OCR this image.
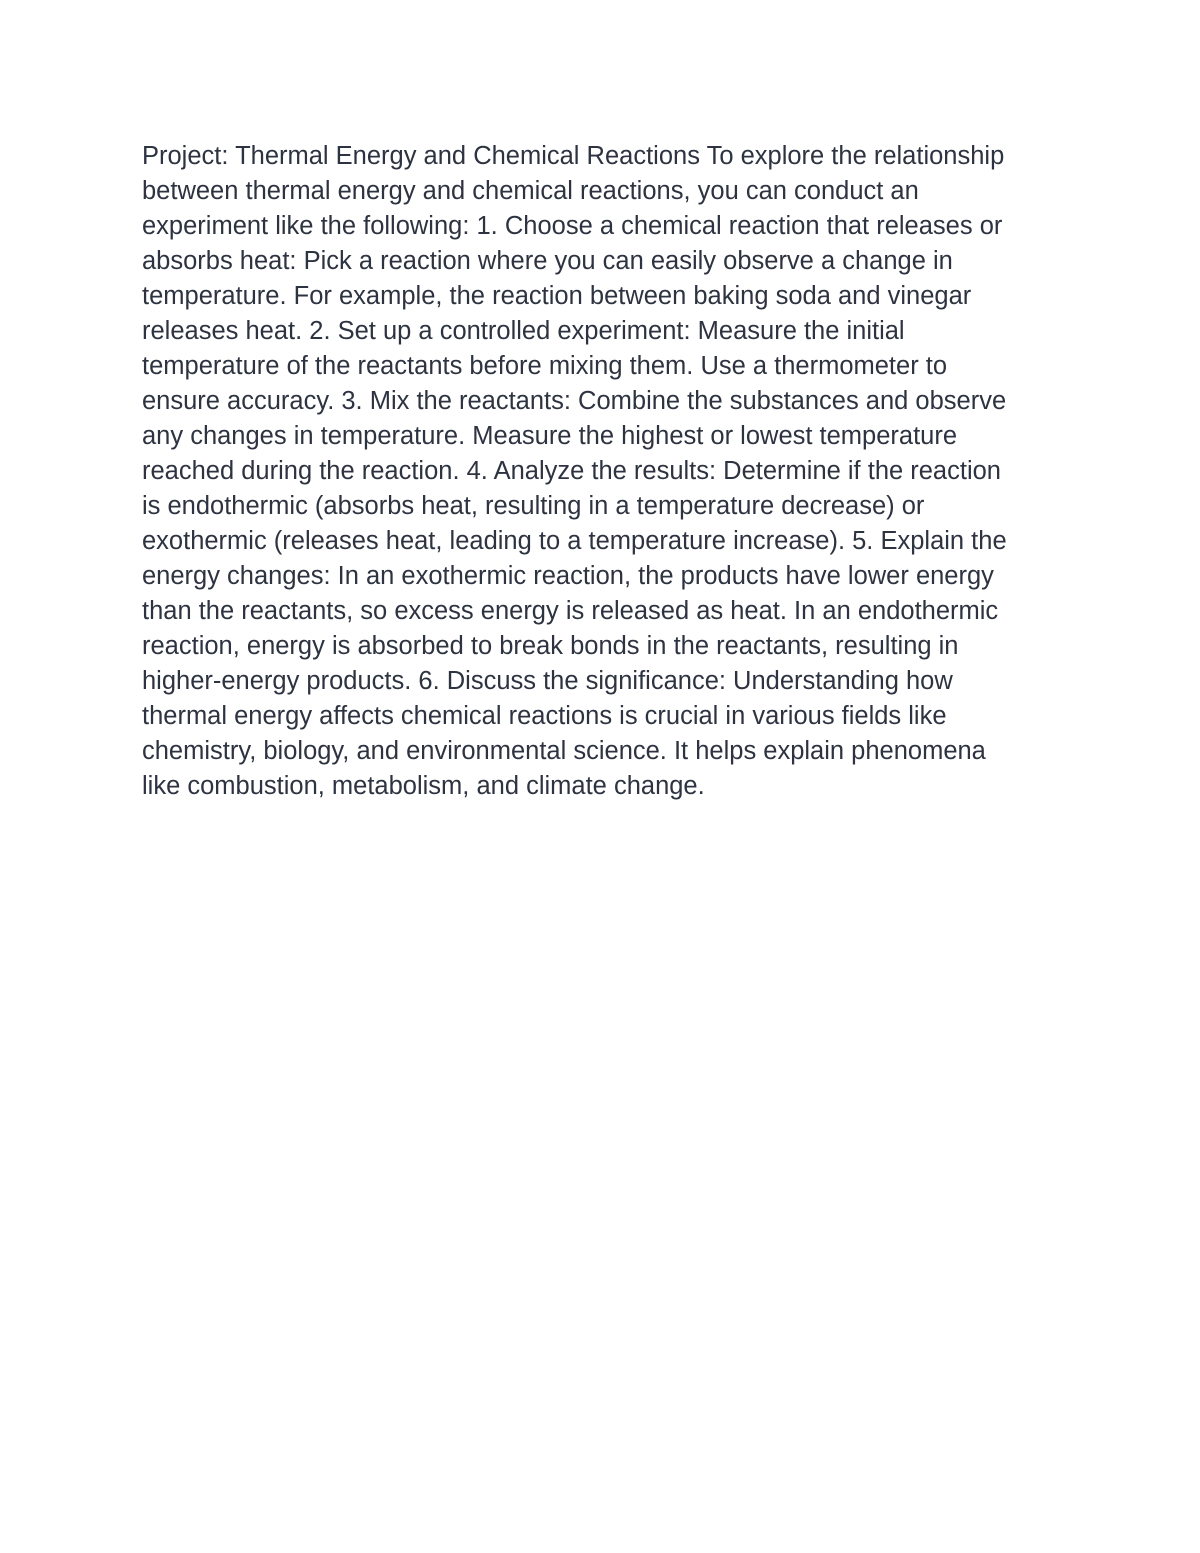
Project: Thermal Energy and Chemical Reactions To explore the relationship
between thermal energy and chemical reactions, you can conduct an
experiment like the following: 1. Choose a chemical reaction that releases or
absorbs heat: Pick a reaction where you can easily observe a change in
temperature. For example, the reaction between baking soda and vinegar
releases heat. 2. Set up a controlled experiment: Measure the initial
temperature of the reactants before mixing them. Use a thermometer to
ensure accuracy. 3. Mix the reactants: Combine the substances and observe
any changes in temperature. Measure the highest or lowest temperature
reached during the reaction. 4. Analyze the results: Determine if the reaction
is endothermic (absorbs heat, resulting in a temperature decrease) or
exothermic (releases heat, leading to a temperature increase). 5. Explain the
energy changes: In an exothermic reaction, the products have lower energy
than the reactants, so excess energy is released as heat. In an endothermic
reaction, energy is absorbed to break bonds in the reactants, resulting in
higher-energy products. 6. Discuss the significance: Understanding how
thermal energy affects chemical reactions is crucial in various fields like
chemistry, biology, and environmental science. It helps explain phenomena
like combustion, metabolism, and climate change.
